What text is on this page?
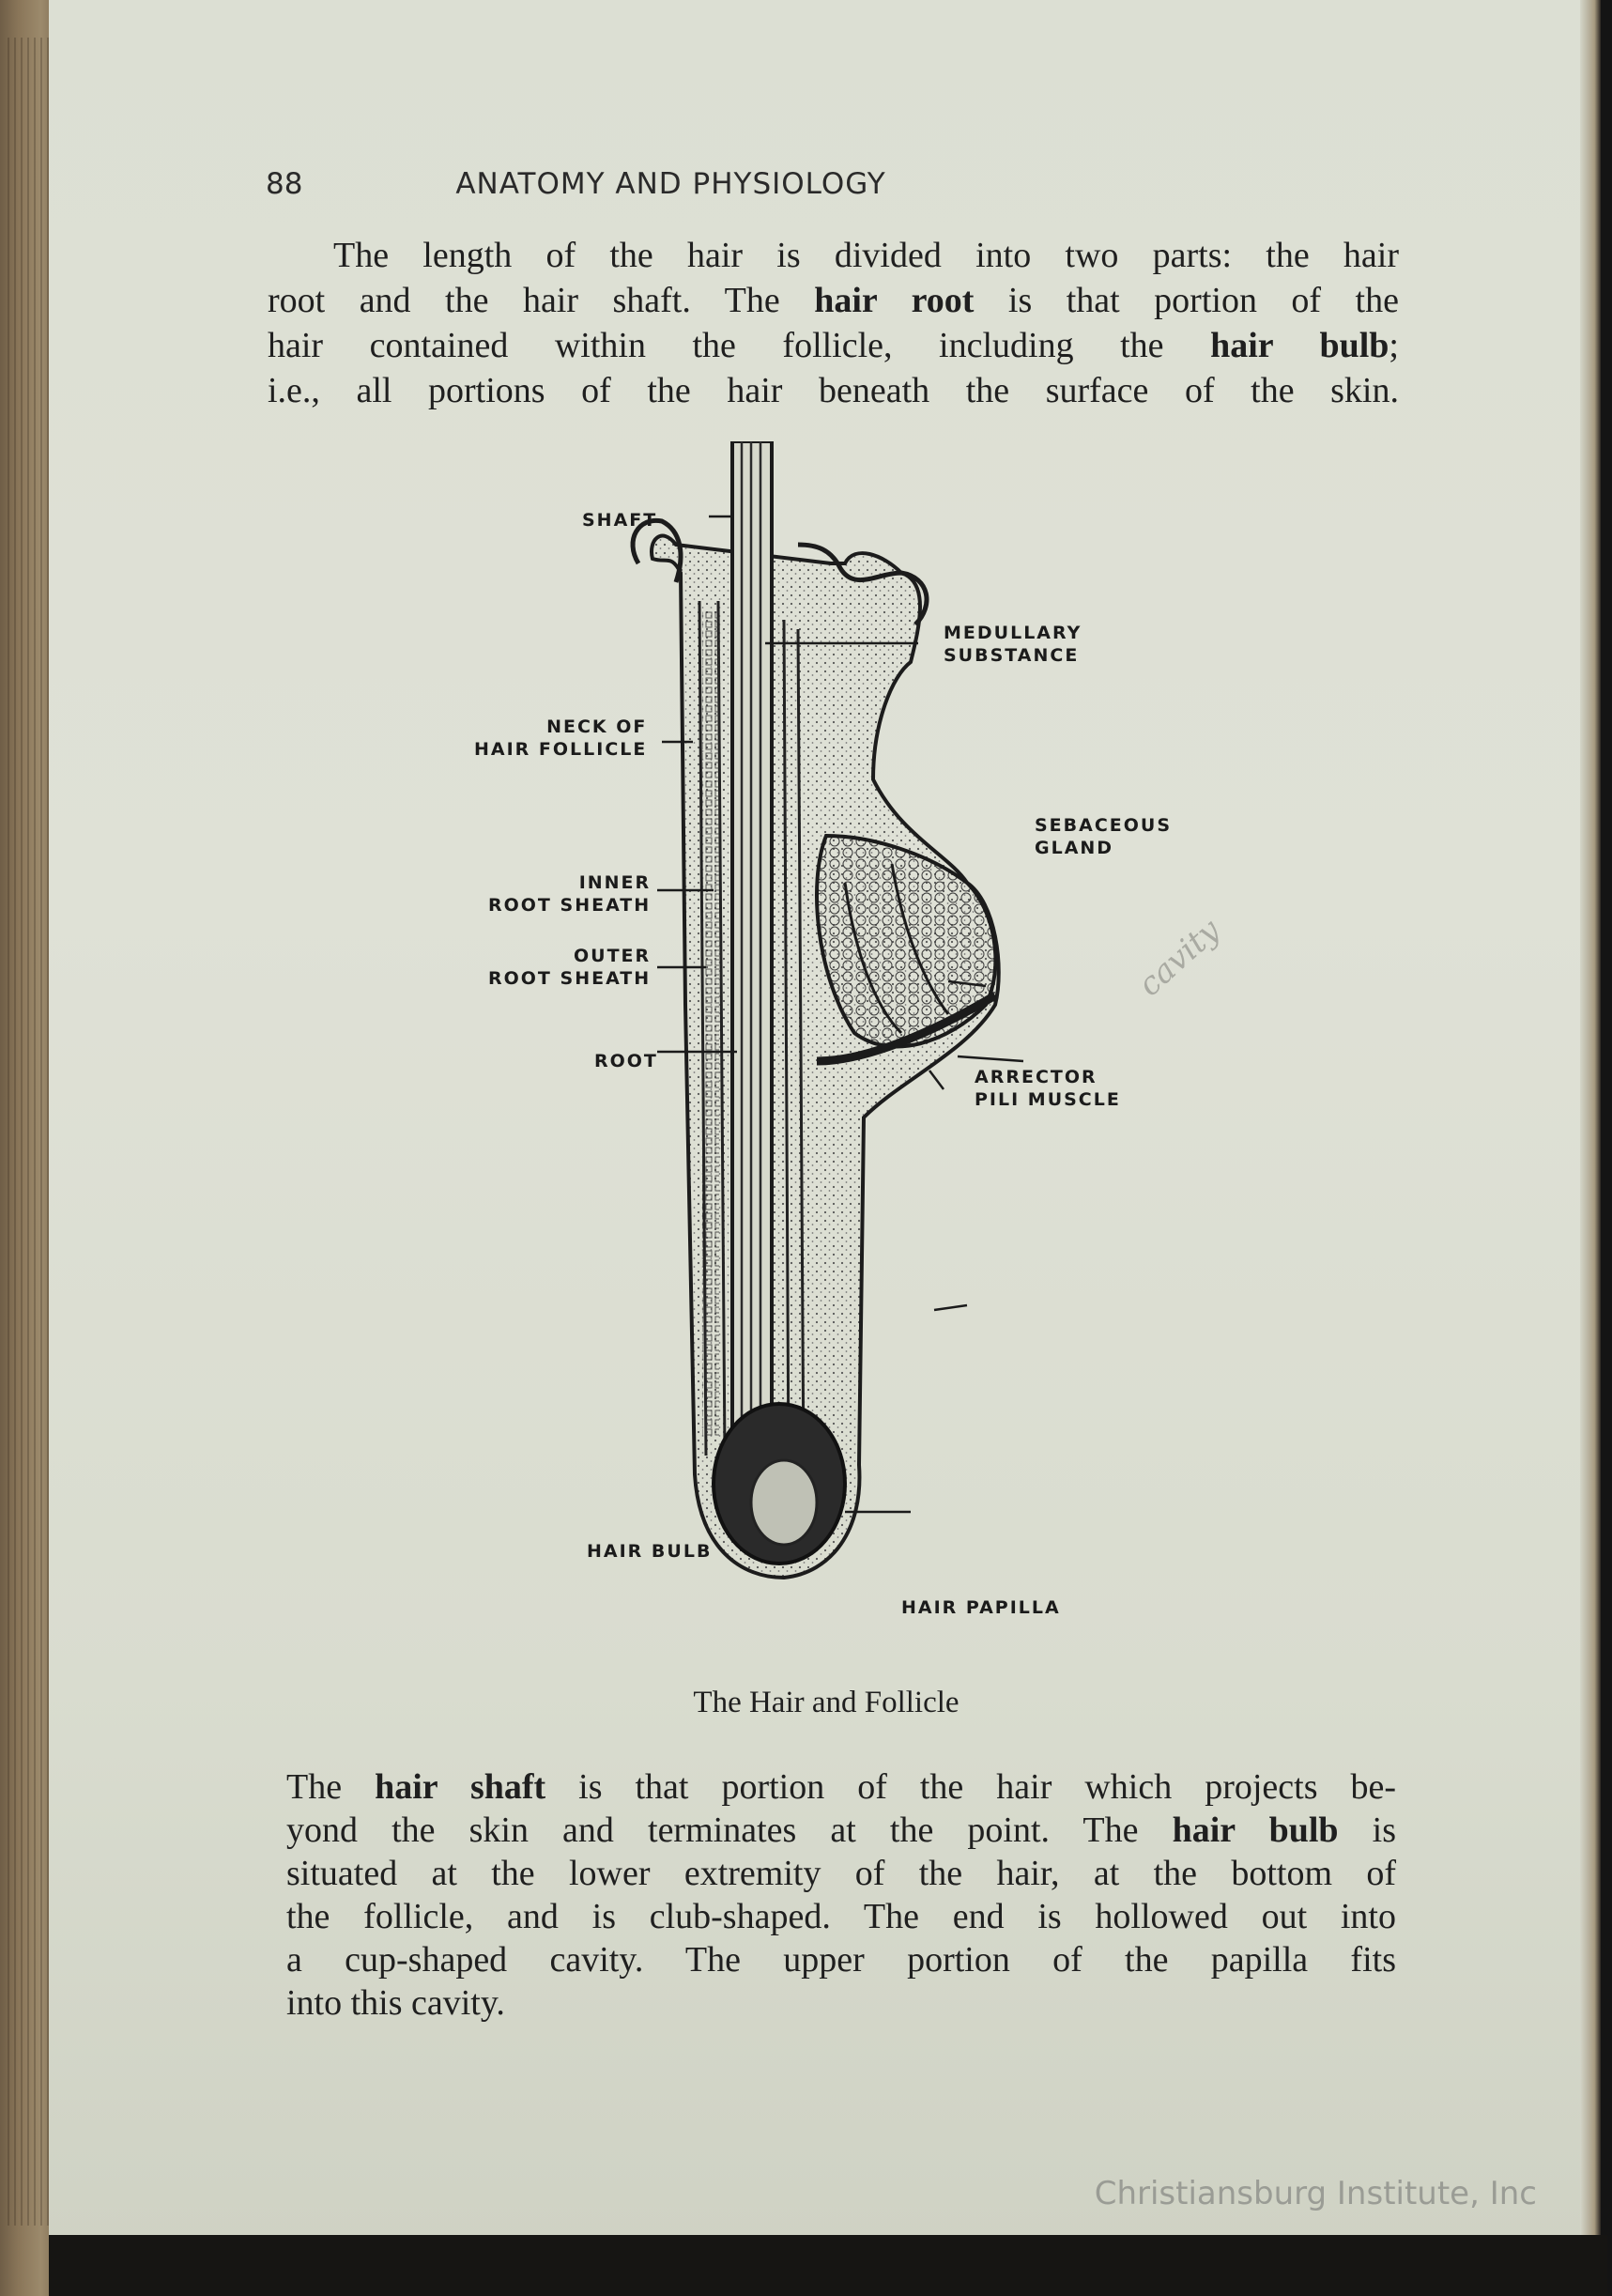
88	ANATOMY AND PHYSIOLOGY
The length of the hair is divided into two parts: the hair
root and the hair shaft. The hair root is that portion of the
hair contained within the follicle, including the hair bulb;
i.e., all portions of the hair beneath the surface of the skin.
SHAFT
MEDULLARY
SUBSTANCE
NECK OF
HAIR FOLLICLE
SEBACEOUS
GLAND
INNER
ROOT SHEATH
OUTER
ROOT SHEATH
ROOT
ARRECTOR
PILI MUSCLE
HAIR BULB
HAIR PAPILLA
The Hair and Follicle
cavity
The hair shaft is that portion of the hair which projects be-
yond the skin and terminates at the point. The hair bulb is
situated at the lower extremity of the hair, at the bottom of
the follicle, and is club-shaped. The end is hollowed out into
a cup-shaped cavity. The upper portion of the papilla fits
into this cavity.
Christiansburg Institute, Inc
